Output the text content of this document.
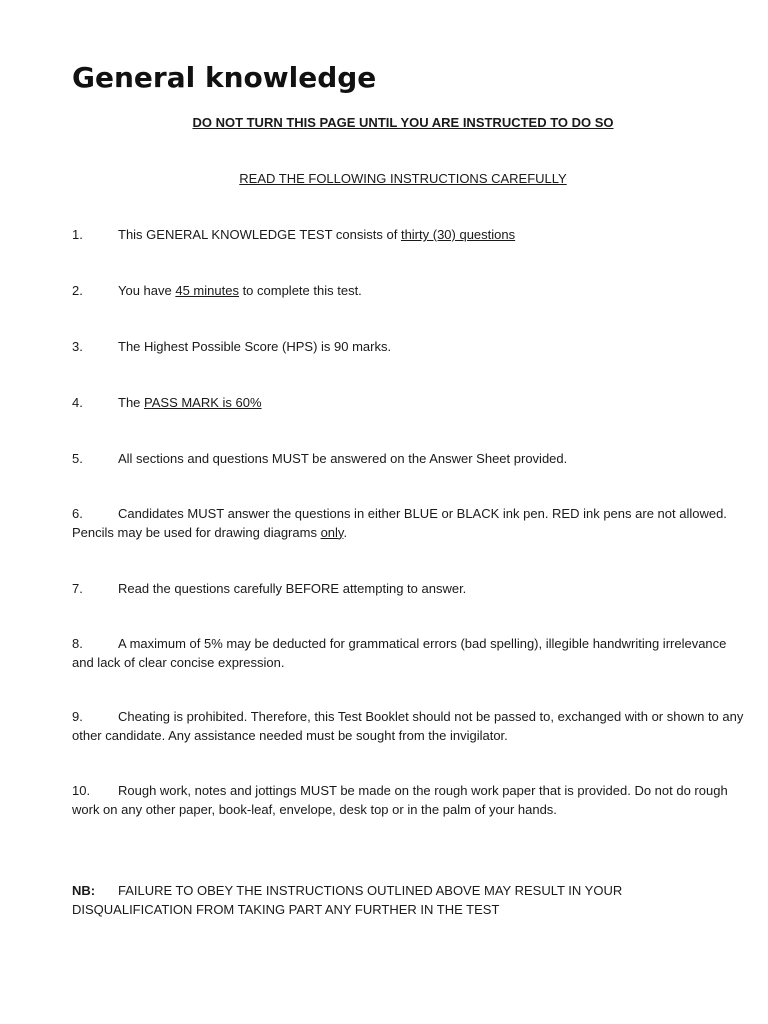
General knowledge
DO NOT TURN THIS PAGE UNTIL YOU ARE INSTRUCTED TO DO SO
READ THE FOLLOWING INSTRUCTIONS CAREFULLY
1.	This GENERAL KNOWLEDGE TEST consists of thirty (30) questions
2.	You have 45 minutes to complete this test.
3.	The Highest Possible Score (HPS) is 90 marks.
4.	The PASS MARK is 60%
5.	All sections and questions MUST be answered on the Answer Sheet provided.
6.	Candidates MUST answer the questions in either BLUE or BLACK ink pen. RED ink pens are not allowed. Pencils may be used for drawing diagrams only.
7.	Read the questions carefully BEFORE attempting to answer.
8.	A maximum of 5% may be deducted for grammatical errors (bad spelling), illegible handwriting irrelevance and lack of clear concise expression.
9.	Cheating is prohibited. Therefore, this Test Booklet should not be passed to, exchanged with or shown to any other candidate. Any assistance needed must be sought from the invigilator.
10. Rough work, notes and jottings MUST be made on the rough work paper that is provided. Do not do rough work on any other paper, book-leaf, envelope, desk top or in the palm of your hands.
NB: FAILURE TO OBEY THE INSTRUCTIONS OUTLINED ABOVE MAY RESULT IN YOUR DISQUALIFICATION FROM TAKING PART ANY FURTHER IN THE TEST
